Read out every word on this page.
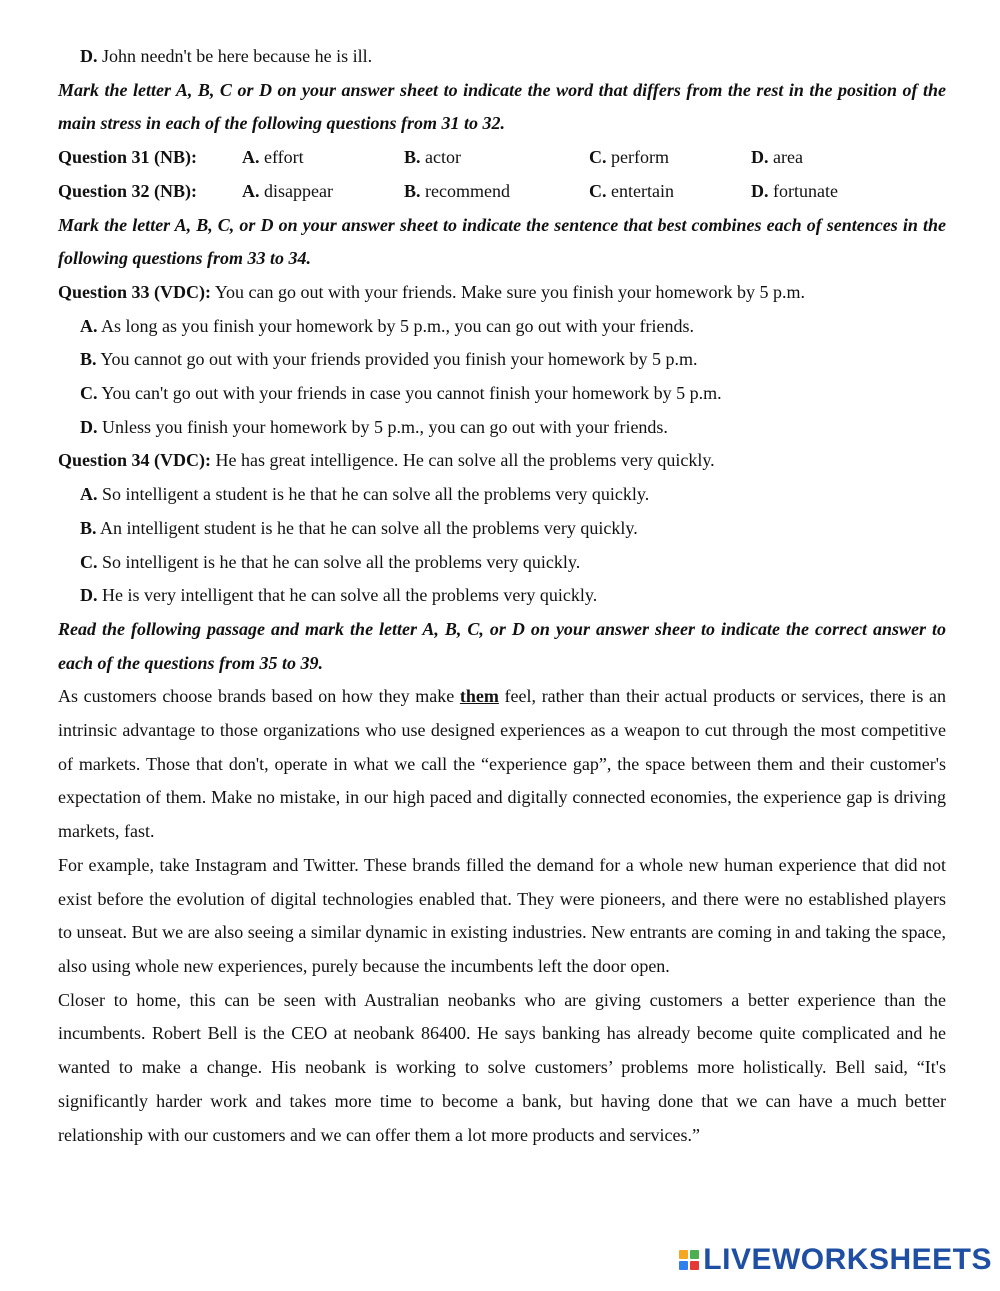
D. John needn't be here because he is ill.
Mark the letter A, B, C or D on your answer sheet to indicate the word that differs from the rest in the position of the main stress in each of the following questions from 31 to 32.
Question 31 (NB):	A. effort	B. actor	C. perform	D. area
Question 32 (NB):	A. disappear	B. recommend	C. entertain	D. fortunate
Mark the letter A, B, C, or D on your answer sheet to indicate the sentence that best combines each of sentences in the following questions from 33 to 34.
Question 33 (VDC): You can go out with your friends. Make sure you finish your homework by 5 p.m.
A. As long as you finish your homework by 5 p.m., you can go out with your friends.
B. You cannot go out with your friends provided you finish your homework by 5 p.m.
C. You can't go out with your friends in case you cannot finish your homework by 5 p.m.
D. Unless you finish your homework by 5 p.m., you can go out with your friends.
Question 34 (VDC): He has great intelligence. He can solve all the problems very quickly.
A. So intelligent a student is he that he can solve all the problems very quickly.
B. An intelligent student is he that he can solve all the problems very quickly.
C. So intelligent is he that he can solve all the problems very quickly.
D. He is very intelligent that he can solve all the problems very quickly.
Read the following passage and mark the letter A, B, C, or D on your answer sheer to indicate the correct answer to each of the questions from 35 to 39.
As customers choose brands based on how they make them feel, rather than their actual products or services, there is an intrinsic advantage to those organizations who use designed experiences as a weapon to cut through the most competitive of markets. Those that don't, operate in what we call the “experience gap”, the space between them and their customer's expectation of them. Make no mistake, in our high paced and digitally connected economies, the experience gap is driving markets, fast.
For example, take Instagram and Twitter. These brands filled the demand for a whole new human experience that did not exist before the evolution of digital technologies enabled that. They were pioneers, and there were no established players to unseat. But we are also seeing a similar dynamic in existing industries. New entrants are coming in and taking the space, also using whole new experiences, purely because the incumbents left the door open.
Closer to home, this can be seen with Australian neobanks who are giving customers a better experience than the incumbents. Robert Bell is the CEO at neobank 86400. He says banking has already become quite complicated and he wanted to make a change. His neobank is working to solve customers’ problems more holistically. Bell said, “It's significantly harder work and takes more time to become a bank, but having done that we can have a much better relationship with our customers and we can offer them a lot more products and services.”
LIVEWORKSHEETS
